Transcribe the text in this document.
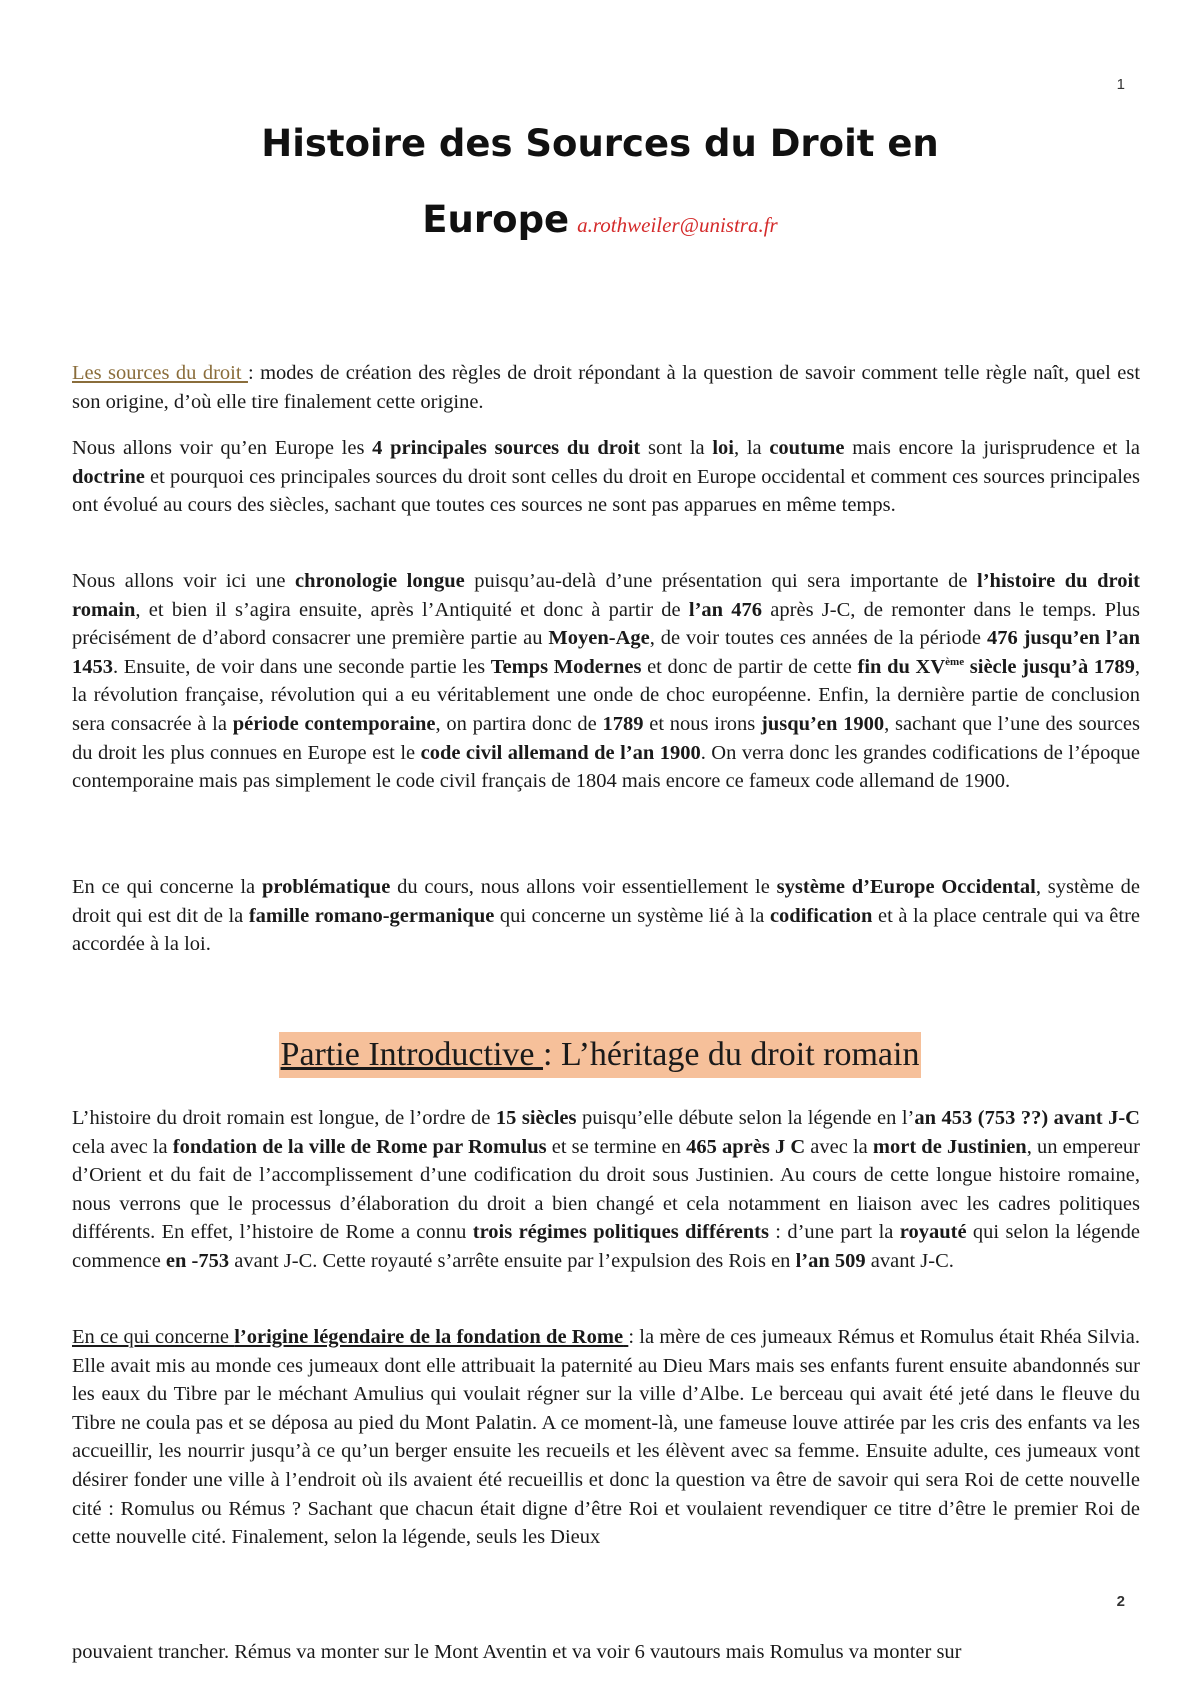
1
Histoire des Sources du Droit en
Europe a.rothweiler@unistra.fr

Les sources du droit : modes de création des règles de droit répondant à la question de savoir comment telle règle naît, quel est son origine, d’où elle tire finalement cette origine.

Nous allons voir qu’en Europe les 4 principales sources du droit sont la loi, la coutume mais encore la jurisprudence et la doctrine et pourquoi ces principales sources du droit sont celles du droit en Europe occidental et comment ces sources principales ont évolué au cours des siècles, sachant que toutes ces sources ne sont pas apparues en même temps.

Nous allons voir ici une chronologie longue puisqu’au-delà d’une présentation qui sera importante de l’histoire du droit romain, et bien il s’agira ensuite, après l’Antiquité et donc à partir de l’an 476 après J-C, de remonter dans le temps. Plus précisément de d’abord consacrer une première partie au Moyen-Age, de voir toutes ces années de la période 476 jusqu’en l’an 1453. Ensuite, de voir dans une seconde partie les Temps Modernes et donc de partir de cette fin du XVème siècle jusqu’à 1789, la révolution française, révolution qui a eu véritablement une onde de choc européenne. Enfin, la dernière partie de conclusion sera consacrée à la période contemporaine, on partira donc de 1789 et nous irons jusqu’en 1900, sachant que l’une des sources du droit les plus connues en Europe est le code civil allemand de l’an 1900. On verra donc les grandes codifications de l’époque contemporaine mais pas simplement le code civil français de 1804 mais encore ce fameux code allemand de 1900.

En ce qui concerne la problématique du cours, nous allons voir essentiellement le système d’Europe Occidental, système de droit qui est dit de la famille romano-germanique qui concerne un système lié à la codification et à la place centrale qui va être accordée à la loi.

Partie Introductive : L’héritage du droit romain

L’histoire du droit romain est longue, de l’ordre de 15 siècles puisqu’elle débute selon la légende en l’an 453 (753 ??) avant J-C cela avec la fondation de la ville de Rome par Romulus et se termine en 465 après J C avec la mort de Justinien, un empereur d’Orient et du fait de l’accomplissement d’une codification du droit sous Justinien. Au cours de cette longue histoire romaine, nous verrons que le processus d’élaboration du droit a bien changé et cela notamment en liaison avec les cadres politiques différents. En effet, l’histoire de Rome a connu trois régimes politiques différents : d’une part la royauté qui selon la légende commence en -753 avant J-C. Cette royauté s’arrête ensuite par l’expulsion des Rois en l’an 509 avant J-C.

En ce qui concerne l’origine légendaire de la fondation de Rome : la mère de ces jumeaux Rémus et Romulus était Rhéa Silvia. Elle avait mis au monde ces jumeaux dont elle attribuait la paternité au Dieu Mars mais ses enfants furent ensuite abandonnés sur les eaux du Tibre par le méchant Amulius qui voulait régner sur la ville d’Albe. Le berceau qui avait été jeté dans le fleuve du Tibre ne coula pas et se déposa au pied du Mont Palatin. A ce moment-là, une fameuse louve attirée par les cris des enfants va les accueillir, les nourrir jusqu’à ce qu’un berger ensuite les recueils et les élèvent avec sa femme. Ensuite adulte, ces jumeaux vont désirer fonder une ville à l’endroit où ils avaient été recueillis et donc la question va être de savoir qui sera Roi de cette nouvelle cité : Romulus ou Rémus ? Sachant que chacun était digne d’être Roi et voulaient revendiquer ce titre d’être le premier Roi de cette nouvelle cité. Finalement, selon la légende, seuls les Dieux

2

pouvaient trancher. Rémus va monter sur le Mont Aventin et va voir 6 vautours mais Romulus va monter sur
